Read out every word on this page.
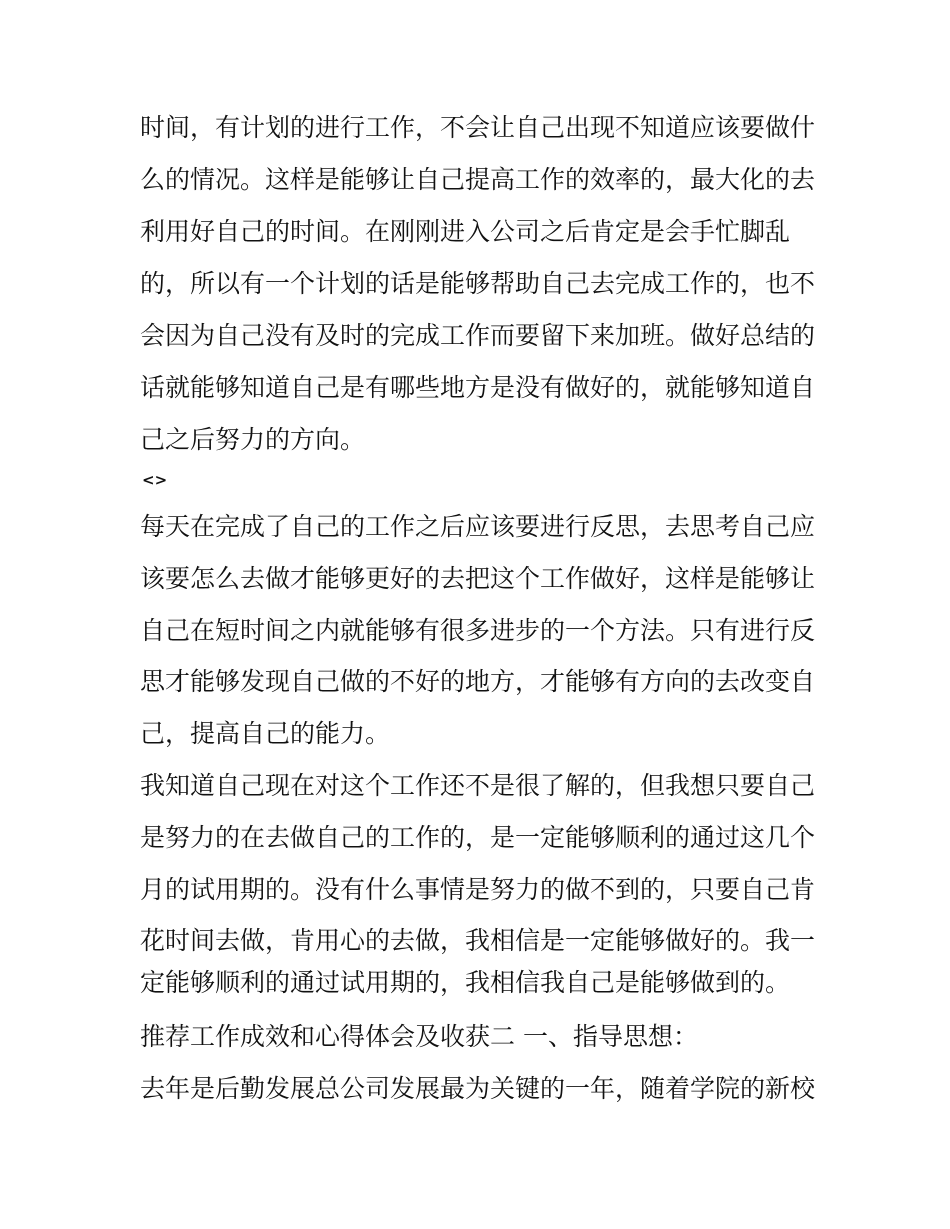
时间，有计划的进行工作，不会让自己出现不知道应该要做什
么的情况。这样是能够让自己提高工作的效率的，最大化的去
利用好自己的时间。在刚刚进入公司之后肯定是会手忙脚乱
的，所以有一个计划的话是能够帮助自己去完成工作的，也不
会因为自己没有及时的完成工作而要留下来加班。做好总结的
话就能够知道自己是有哪些地方是没有做好的，就能够知道自
己之后努力的方向。
<>
每天在完成了自己的工作之后应该要进行反思，去思考自己应
该要怎么去做才能够更好的去把这个工作做好，这样是能够让
自己在短时间之内就能够有很多进步的一个方法。只有进行反
思才能够发现自己做的不好的地方，才能够有方向的去改变自
己，提高自己的能力。
我知道自己现在对这个工作还不是很了解的，但我想只要自己
是努力的在去做自己的工作的，是一定能够顺利的通过这几个
月的试用期的。没有什么事情是努力的做不到的，只要自己肯
花时间去做，肯用心的去做，我相信是一定能够做好的。我一
定能够顺利的通过试用期的，我相信我自己是能够做到的。
推荐工作成效和心得体会及收获二 一、指导思想：
去年是后勤发展总公司发展最为关键的一年，随着学院的新校
